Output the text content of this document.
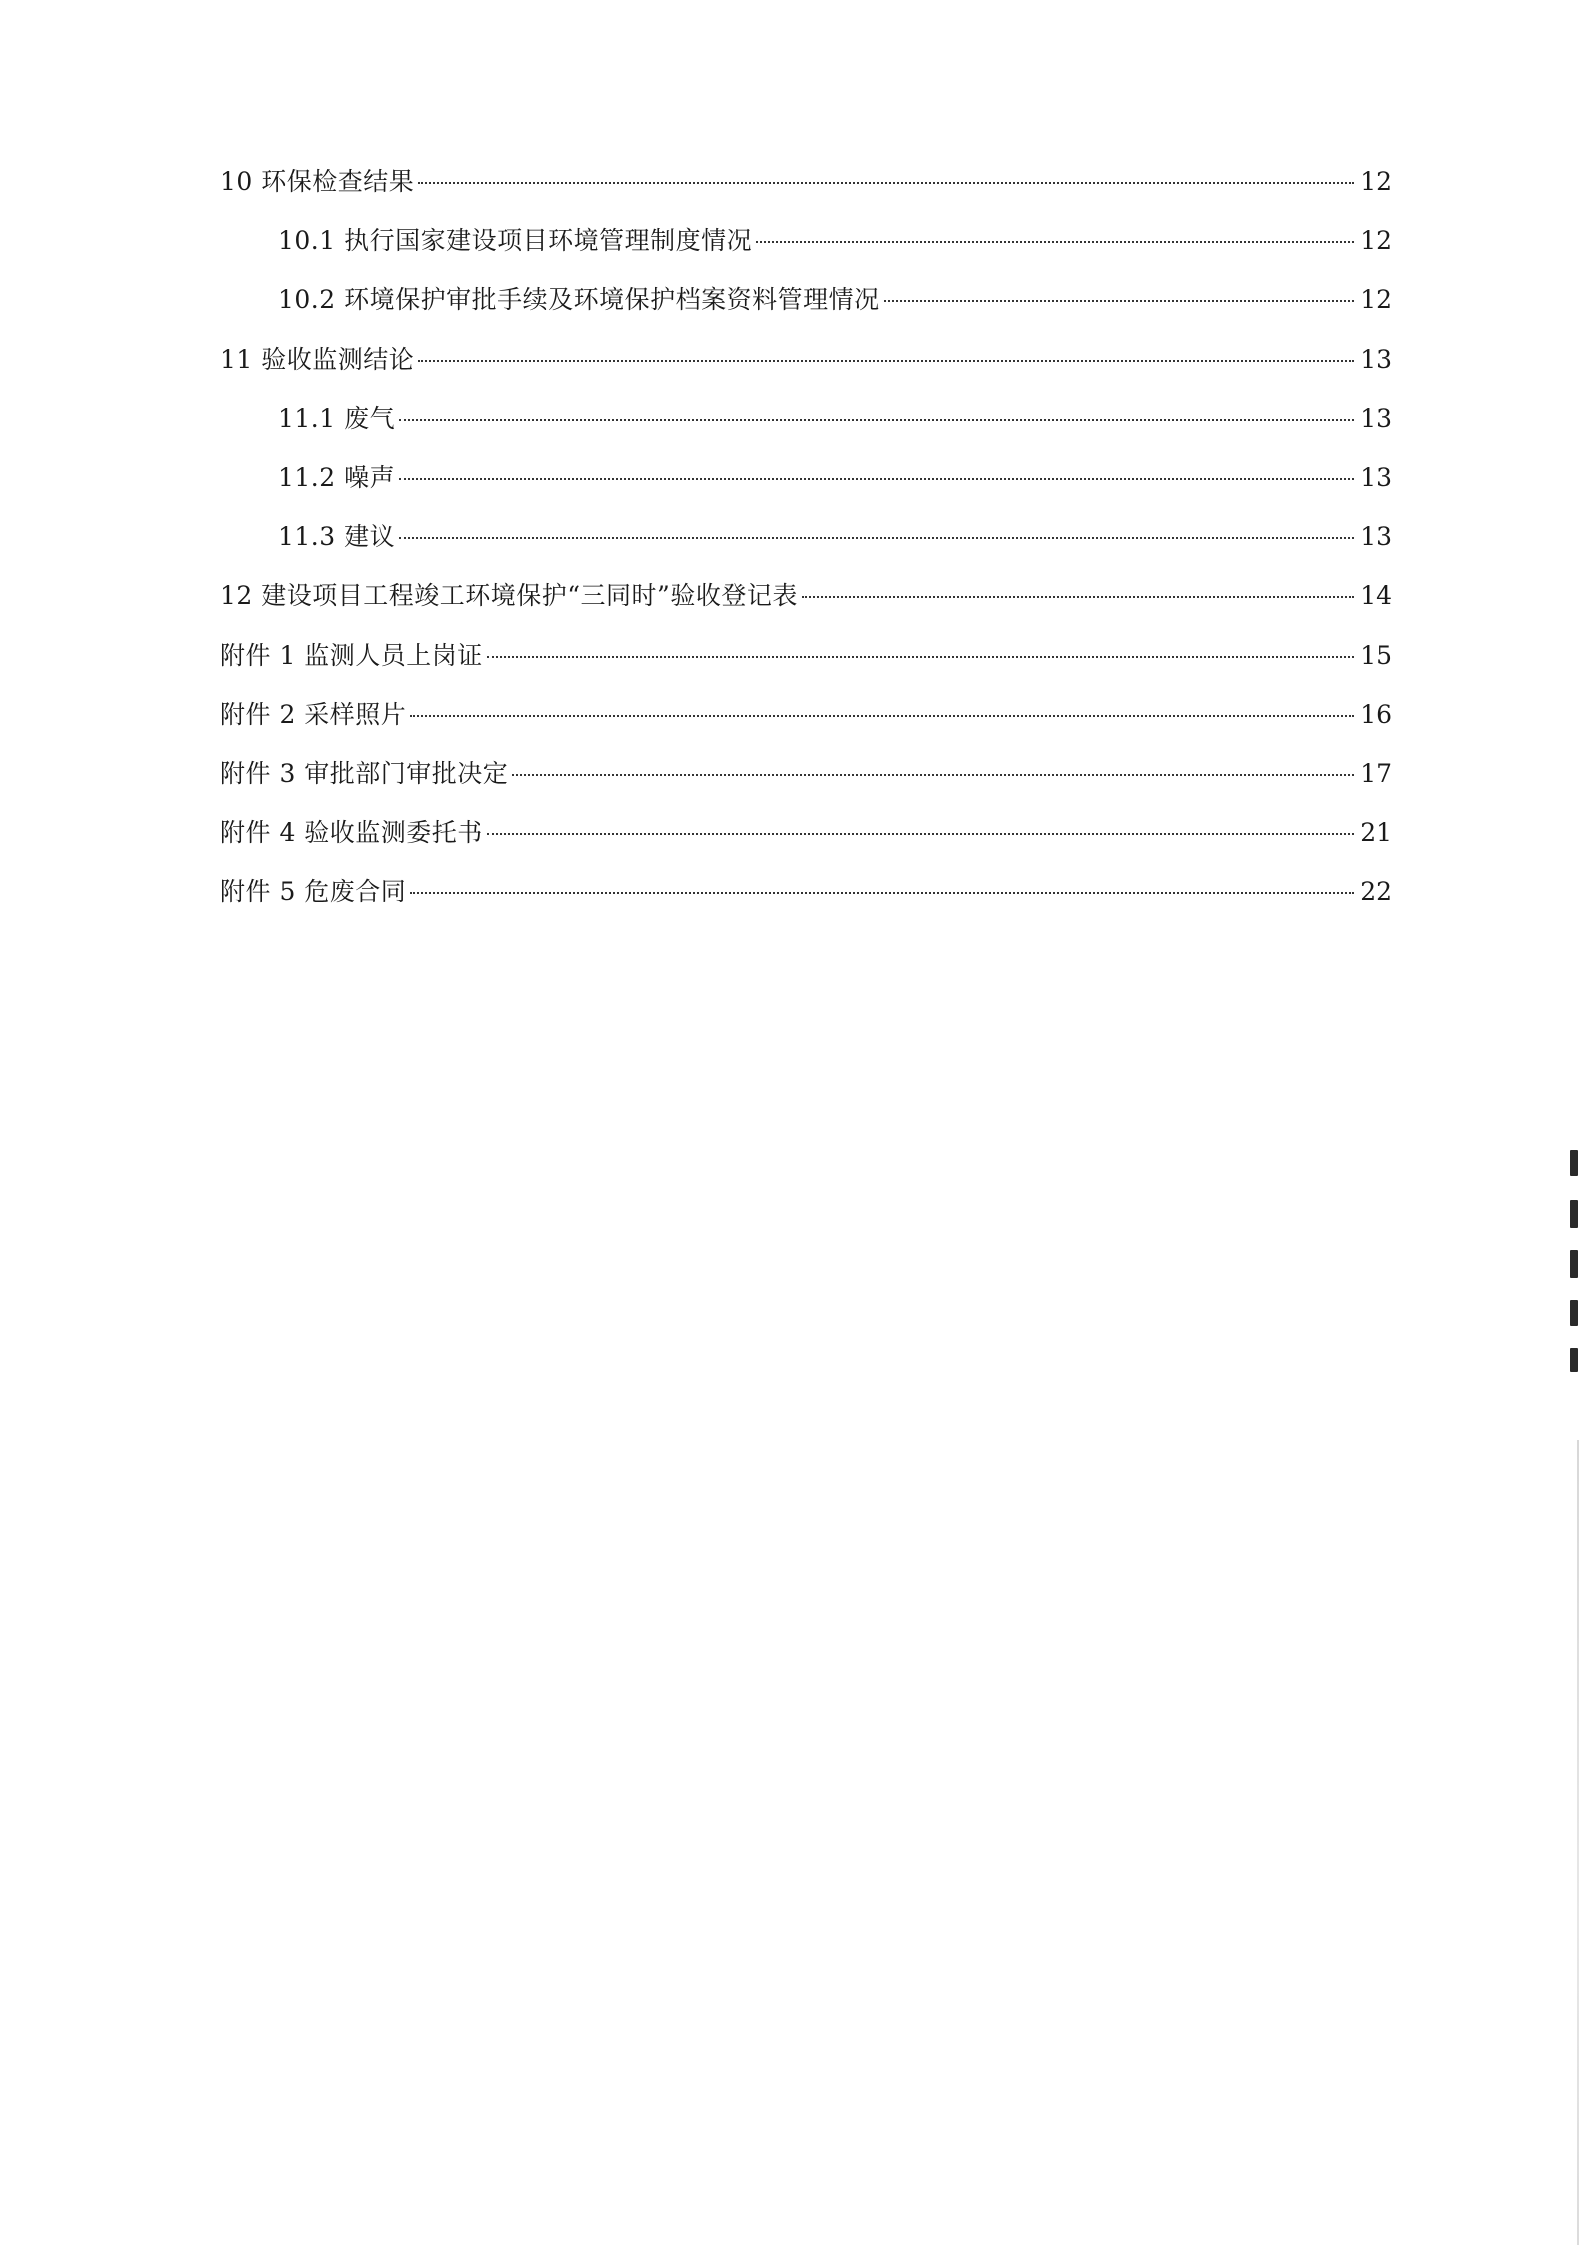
10 环保检查结果	12
10.1 执行国家建设项目环境管理制度情况	12
10.2 环境保护审批手续及环境保护档案资料管理情况	12
11 验收监测结论	13
11.1 废气	13
11.2 噪声	13
11.3 建议	13
12 建设项目工程竣工环境保护“三同时”验收登记表	14
附件 1 监测人员上岗证	15
附件 2 采样照片	16
附件 3 审批部门审批决定	17
附件 4 验收监测委托书	21
附件 5 危废合同	22
